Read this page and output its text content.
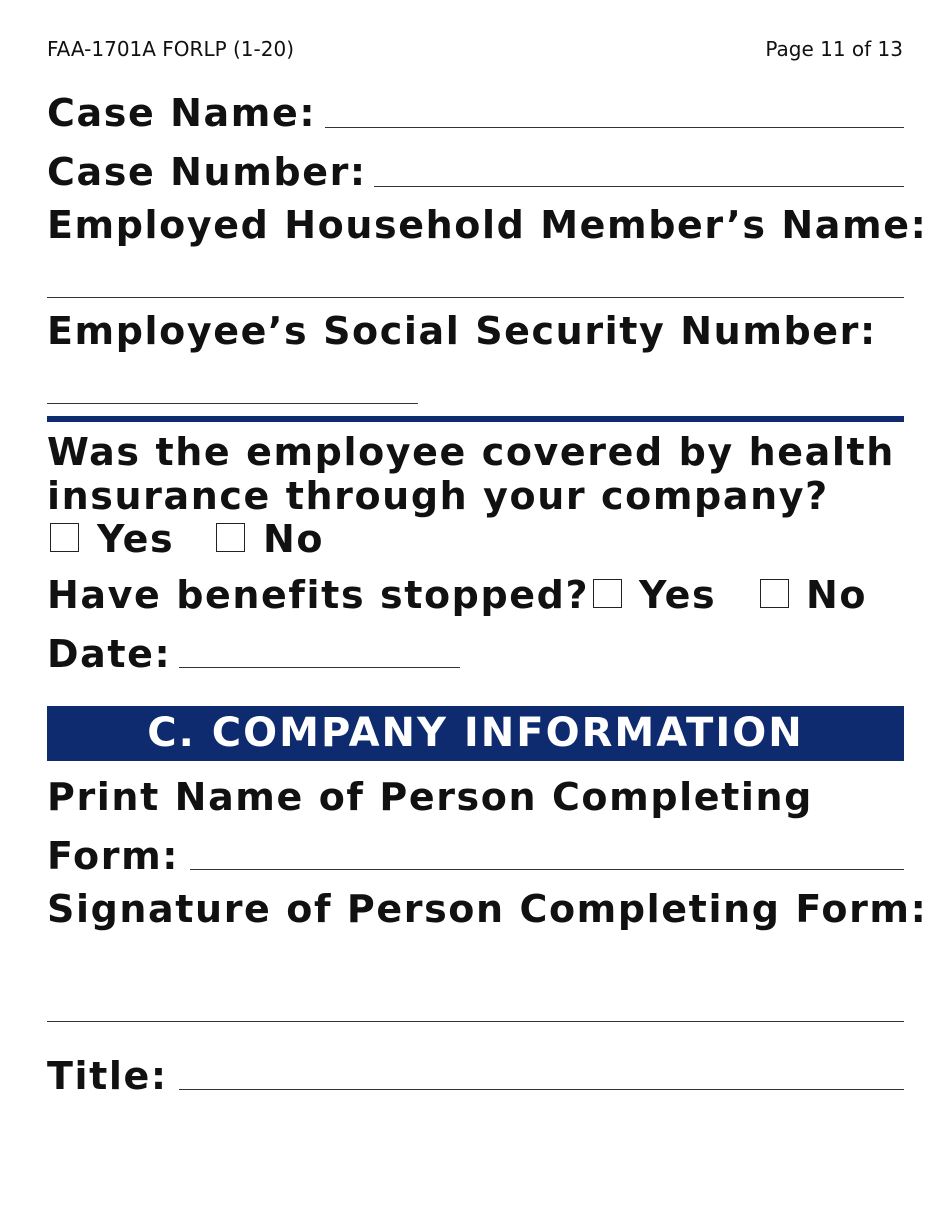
FAA-1701A FORLP (1-20)	Page 11 of 13
Case Name:
Case Number:
Employed Household Member’s Name:
Employee’s Social Security Number:
Was the employee covered by health
insurance through your company?
Yes No
Have benefits stopped? Yes No
Date:
C. COMPANY INFORMATION
Print Name of Person Completing
Form:
Signature of Person Completing Form:
Title:
